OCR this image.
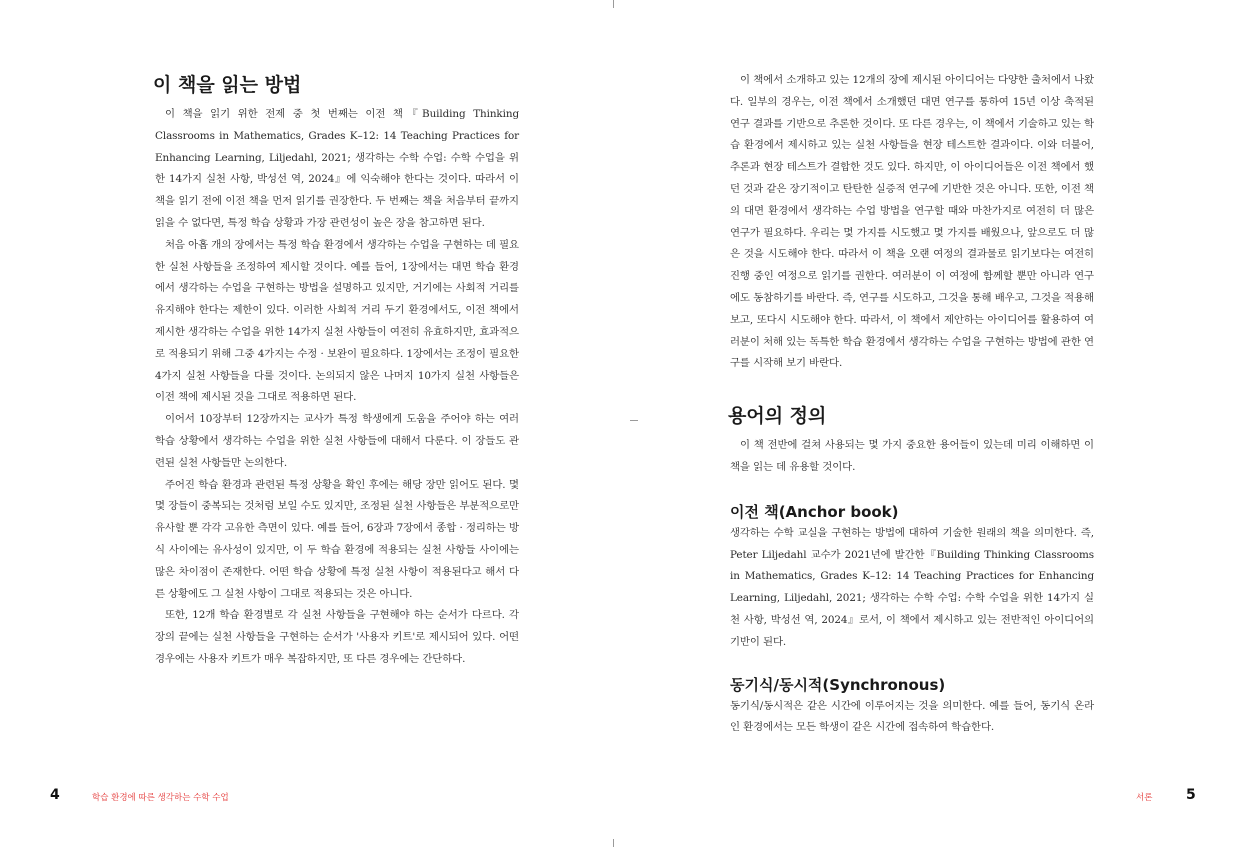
이 책을 읽는 방법

이 책을 읽기 위한 전제 중 첫 번째는 이전 책『Building Thinking Classrooms in Mathematics, Grades K–12: 14 Teaching Practices for Enhancing Learning, Liljedahl, 2021; 생각하는 수학 수업: 수학 수업을 위한 14가지 실천 사항, 박성선 역, 2024』에 익숙해야 한다는 것이다. 따라서 이 책을 읽기 전에 이전 책을 먼저 읽기를 권장한다. 두 번째는 책을 처음부터 끝까지 읽을 수 없다면, 특정 학습 상황과 가장 관련성이 높은 장을 참고하면 된다.

처음 아홉 개의 장에서는 특정 학습 환경에서 생각하는 수업을 구현하는 데 필요한 실천 사항들을 조정하여 제시할 것이다. 예를 들어, 1장에서는 대면 학습 환경에서 생각하는 수업을 구현하는 방법을 설명하고 있지만, 거기에는 사회적 거리를 유지해야 한다는 제한이 있다. 이러한 사회적 거리 두기 환경에서도, 이전 책에서 제시한 생각하는 수업을 위한 14가지 실천 사항들이 여전히 유효하지만, 효과적으로 적용되기 위해 그중 4가지는 수정 · 보완이 필요하다. 1장에서는 조정이 필요한 4가지 실천 사항들을 다룰 것이다. 논의되지 않은 나머지 10가지 실천 사항들은 이전 책에 제시된 것을 그대로 적용하면 된다.

이어서 10장부터 12장까지는 교사가 특정 학생에게 도움을 주어야 하는 여러 학습 상황에서 생각하는 수업을 위한 실천 사항들에 대해서 다룬다. 이 장들도 관련된 실천 사항들만 논의한다.

주어진 학습 환경과 관련된 특정 상황을 확인 후에는 해당 장만 읽어도 된다. 몇몇 장들이 중복되는 것처럼 보일 수도 있지만, 조정된 실천 사항들은 부분적으로만 유사할 뿐 각각 고유한 측면이 있다. 예를 들어, 6장과 7장에서 종합 · 정리하는 방식 사이에는 유사성이 있지만, 이 두 학습 환경에 적용되는 실천 사항들 사이에는 많은 차이점이 존재한다. 어떤 학습 상황에 특정 실천 사항이 적용된다고 해서 다른 상황에도 그 실천 사항이 그대로 적용되는 것은 아니다.

또한, 12개 학습 환경별로 각 실천 사항들을 구현해야 하는 순서가 다르다. 각 장의 끝에는 실천 사항들을 구현하는 순서가 '사용자 키트'로 제시되어 있다. 어떤 경우에는 사용자 키트가 매우 복잡하지만, 또 다른 경우에는 간단하다.

4	학습 환경에 따른 생각하는 수학 수업

이 책에서 소개하고 있는 12개의 장에 제시된 아이디어는 다양한 출처에서 나왔다. 일부의 경우는, 이전 책에서 소개했던 대면 연구를 통하여 15년 이상 축적된 연구 결과를 기반으로 추론한 것이다. 또 다른 경우는, 이 책에서 기술하고 있는 학습 환경에서 제시하고 있는 실천 사항들을 현장 테스트한 결과이다. 이와 더불어, 추론과 현장 테스트가 결합한 것도 있다. 하지만, 이 아이디어들은 이전 책에서 했던 것과 같은 장기적이고 탄탄한 실증적 연구에 기반한 것은 아니다. 또한, 이전 책의 대면 환경에서 생각하는 수업 방법을 연구할 때와 마찬가지로 여전히 더 많은 연구가 필요하다. 우리는 몇 가지를 시도했고 몇 가지를 배웠으나, 앞으로도 더 많은 것을 시도해야 한다. 따라서 이 책을 오랜 여정의 결과물로 읽기보다는 여전히 진행 중인 여정으로 읽기를 권한다. 여러분이 이 여정에 함께할 뿐만 아니라 연구에도 동참하기를 바란다. 즉, 연구를 시도하고, 그것을 통해 배우고, 그것을 적용해 보고, 또다시 시도해야 한다. 따라서, 이 책에서 제안하는 아이디어를 활용하여 여러분이 처해 있는 독특한 학습 환경에서 생각하는 수업을 구현하는 방법에 관한 연구를 시작해 보기 바란다.

용어의 정의

이 책 전반에 걸쳐 사용되는 몇 가지 중요한 용어들이 있는데 미리 이해하면 이 책을 읽는 데 유용할 것이다.

이전 책(Anchor book)

생각하는 수학 교실을 구현하는 방법에 대하여 기술한 원래의 책을 의미한다. 즉, Peter Liljedahl 교수가 2021년에 발간한『Building Thinking Classrooms in Mathematics, Grades K–12: 14 Teaching Practices for Enhancing Learning, Liljedahl, 2021; 생각하는 수학 수업: 수학 수업을 위한 14가지 실천 사항, 박성선 역, 2024』로서, 이 책에서 제시하고 있는 전반적인 아이디어의 기반이 된다.

동기식/동시적(Synchronous)

동기식/동시적은 같은 시간에 이루어지는 것을 의미한다. 예를 들어, 동기식 온라인 환경에서는 모든 학생이 같은 시간에 접속하여 학습한다.

서론 5
